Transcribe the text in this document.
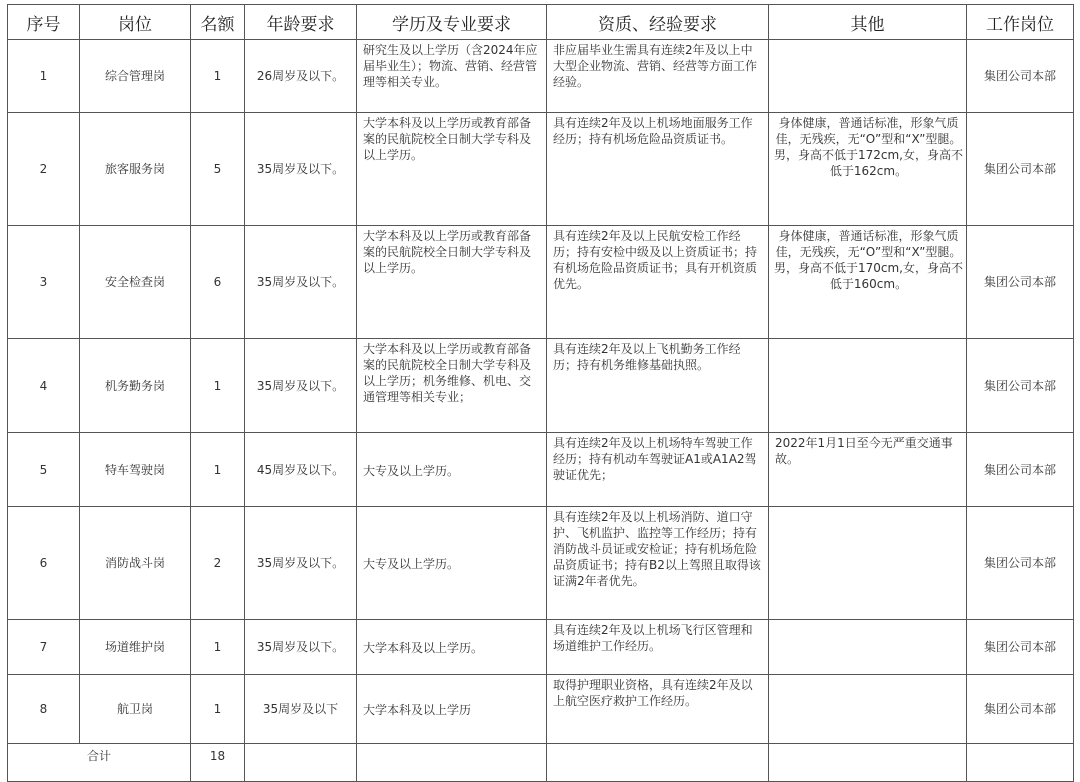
序号	岗位	名额	年龄要求	学历及专业要求	资质、经验要求	其他	工作岗位
1	综合管理岗	1	26周岁及以下。	研究生及以上学历（含2024年应届毕业生）；物流、营销、经营管理等相关专业。	非应届毕业生需具有连续2年及以上中大型企业物流、营销、经营等方面工作经验。		集团公司本部
2	旅客服务岗	5	35周岁及以下。	大学本科及以上学历或教育部备案的民航院校全日制大学专科及以上学历。	具有连续2年及以上机场地面服务工作经历；持有机场危险品资质证书。	身体健康，普通话标准，形象气质佳，无残疾，无“O”型和“X”型腿。男，身高不低于172cm,女，身高不低于162cm。	集团公司本部
3	安全检查岗	6	35周岁及以下。	大学本科及以上学历或教育部备案的民航院校全日制大学专科及以上学历。	具有连续2年及以上民航安检工作经历；持有安检中级及以上资质证书；持有机场危险品资质证书；具有开机资质优先。	身体健康，普通话标准，形象气质佳，无残疾，无“O”型和“X”型腿。男，身高不低于170cm,女，身高不低于160cm。	集团公司本部
4	机务勤务岗	1	35周岁及以下。	大学本科及以上学历或教育部备案的民航院校全日制大学专科及以上学历；机务维修、机电、交通管理等相关专业；	具有连续2年及以上飞机勤务工作经历；持有机务维修基础执照。		集团公司本部
5	特车驾驶岗	1	45周岁及以下。	大专及以上学历。	具有连续2年及以上机场特车驾驶工作经历；持有机动车驾驶证A1或A1A2驾驶证优先；	2022年1月1日至今无严重交通事故。	集团公司本部
6	消防战斗岗	2	35周岁及以下。	大专及以上学历。	具有连续2年及以上机场消防、道口守护、飞机监护、监控等工作经历；持有消防战斗员证或安检证；持有机场危险品资质证书；持有B2以上驾照且取得该证满2年者优先。		集团公司本部
7	场道维护岗	1	35周岁及以下。	大学本科及以上学历。	具有连续2年及以上机场飞行区管理和场道维护工作经历。		集团公司本部
8	航卫岗	1	35周岁及以下	大学本科及以上学历	取得护理职业资格，具有连续2年及以上航空医疗救护工作经历。		集团公司本部
合计		18					
